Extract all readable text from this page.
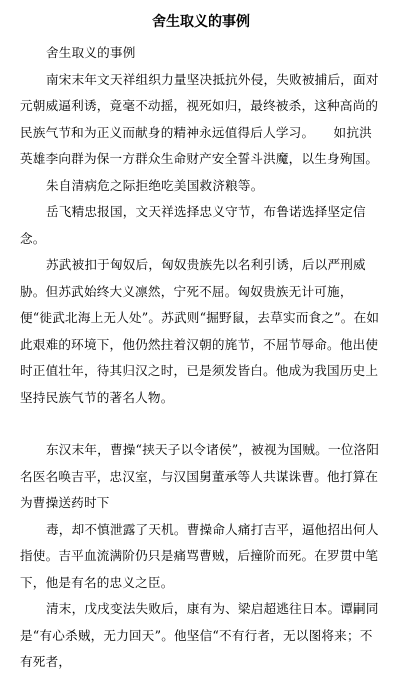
舍生取义的事例

舍生取义的事例

南宋末年文天祥组织力量坚决抵抗外侵，失败被捕后，面对元朝威逼利诱，竟毫不动摇，视死如归，最终被杀，这种高尚的民族气节和为正义而献身的精神永远值得后人学习。　　如抗洪英雄李向群为保一方群众生命财产安全誓斗洪魔，以生身殉国。

朱自清病危之际拒绝吃美国救济粮等。

岳飞精忠报国，文天祥选择忠义守节，布鲁诺选择坚定信念。

苏武被扣于匈奴后，匈奴贵族先以名利引诱，后以严刑威胁。但苏武始终大义凛然，宁死不屈。匈奴贵族无计可施，便“徙武北海上无人处”。苏武则“掘野鼠，去草实而食之”。在如此艰难的环境下，他仍然拄着汉朝的旄节，不屈节辱命。他出使时正值壮年，待其归汉之时，已是须发皆白。他成为我国历史上坚持民族气节的著名人物。

东汉末年，曹操“挟天子以令诸侯”，被视为国贼。一位洛阳名医名唤吉平，忠汉室，与汉国舅董承等人共谋诛曹。他打算在为曹操送药时下

毒，却不慎泄露了天机。曹操命人痛打吉平，逼他招出何人指使。吉平血流满阶仍只是痛骂曹贼，后撞阶而死。在罗贯中笔下，他是有名的忠义之臣。

清末，戊戌变法失败后，康有为、梁启超逃往日本。谭嗣同是“有心杀贼，无力回天”。他坚信“不有行者，无以图将来；不有死者，
